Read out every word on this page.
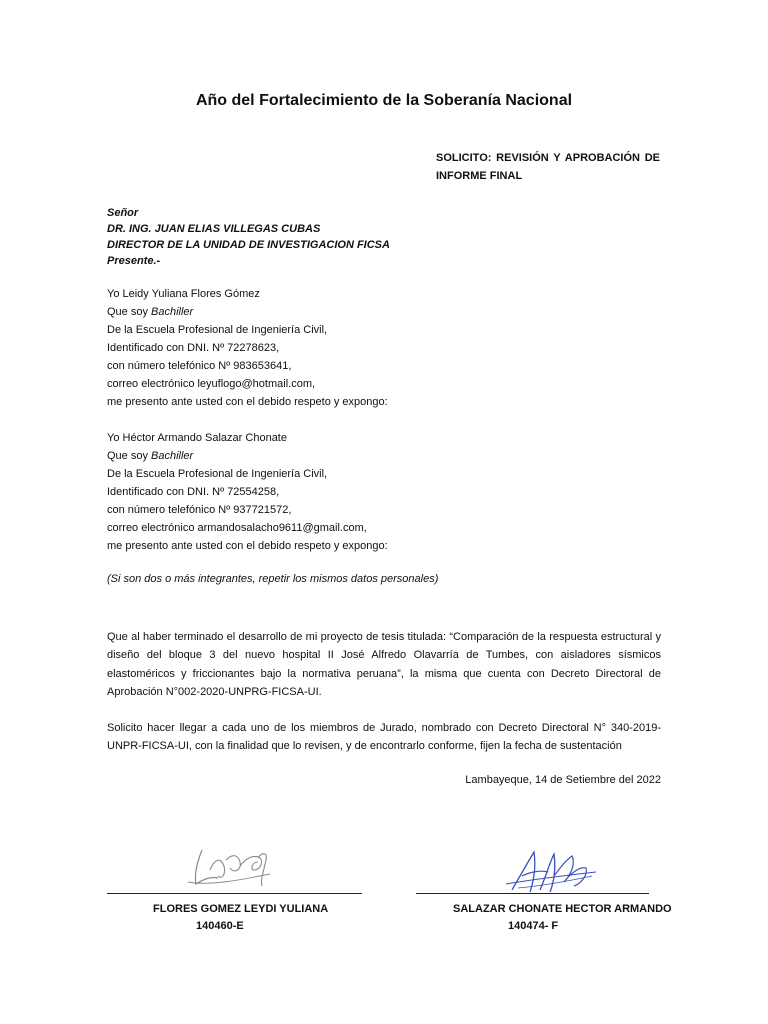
Año del Fortalecimiento de la Soberanía Nacional
SOLICITO: REVISIÓN Y APROBACIÓN DE INFORME FINAL
Señor
DR. ING. JUAN ELIAS VILLEGAS CUBAS
DIRECTOR DE LA UNIDAD DE INVESTIGACION FICSA
Presente.-
Yo Leidy Yuliana Flores Gómez
Que soy Bachiller
De la Escuela Profesional de Ingeniería Civil,
Identificado con DNI. Nº 72278623,
con número telefónico Nº 983653641,
correo electrónico leyuflogo@hotmail.com,
me presento ante usted con el debido respeto y expongo:
Yo Héctor Armando Salazar Chonate
Que soy Bachiller
De la Escuela Profesional de Ingeniería Civil,
Identificado con DNI. Nº 72554258,
con número telefónico Nº 937721572,
correo electrónico armandosalacho9611@gmail.com,
me presento ante usted con el debido respeto y expongo:
(Si son dos o más integrantes, repetir los mismos datos personales)
Que al haber terminado el desarrollo de mi proyecto de tesis titulada: “Comparación de la respuesta estructural y diseño del bloque 3 del nuevo hospital II José Alfredo Olavarría de Tumbes, con aisladores sísmicos elastoméricos y friccionantes bajo la normativa peruana”, la misma que cuenta con Decreto Directoral de Aprobación N°002-2020-UNPRG-FICSA-UI.
Solicito hacer llegar a cada uno de los miembros de Jurado, nombrado con Decreto Directoral N° 340-2019-UNPR-FICSA-UI, con la finalidad que lo revisen, y de encontrarlo conforme, fijen la fecha de sustentación
Lambayeque, 14 de Setiembre del 2022
FLORES GOMEZ LEYDI YULIANA
140460-E
SALAZAR CHONATE HECTOR ARMANDO
140474- F
